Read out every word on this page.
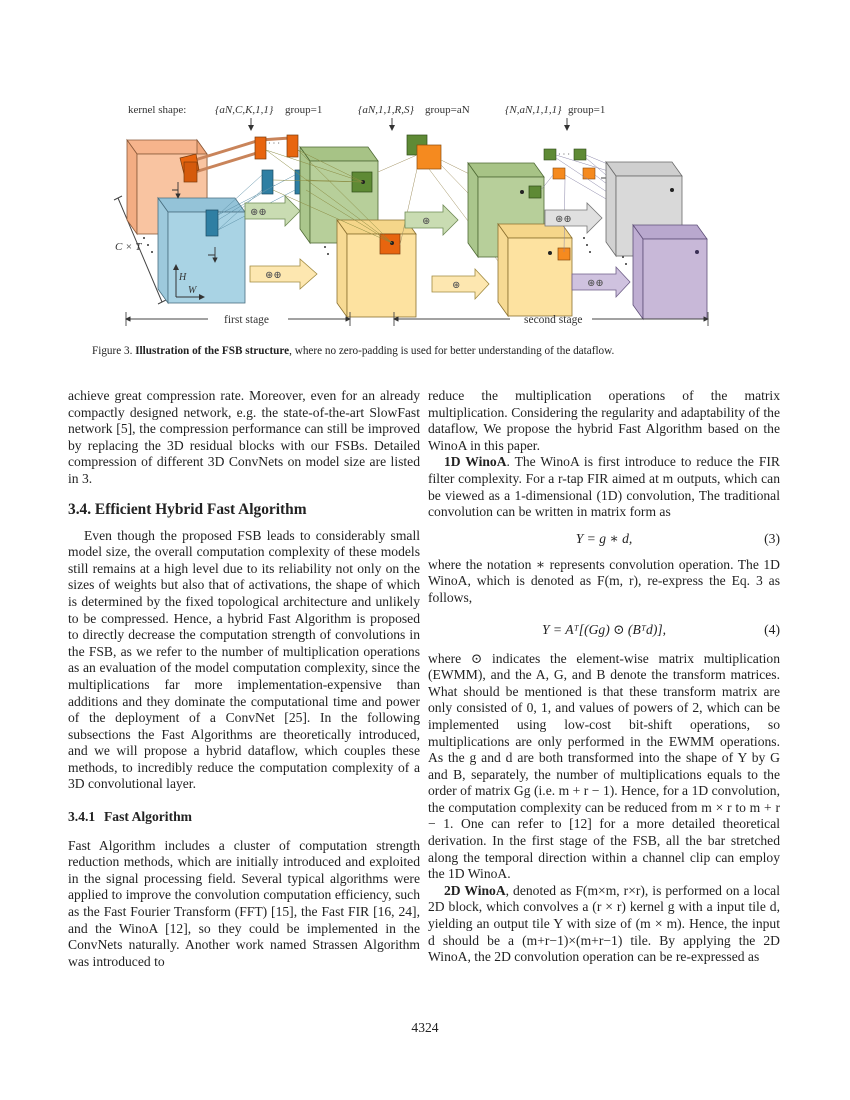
kernel shape:	{aN,C,K,1,1} group=1	{aN,1,1,R,S} group=aN	{N,aN,1,1,1} group=1
C × T
H
W
· · ·
⊛⊕
⊛⊕
⊛
⊛
· · ·
⊛⊕
⊛⊕
first stage	second stage
Figure 3. Illustration of the FSB structure, where no zero-padding is used for better understanding of the dataflow.

achieve great compression rate. Moreover, even for an already compactly designed network, e.g. the state-of-the-art SlowFast network [5], the compression performance can still be improved by replacing the 3D residual blocks with our FSBs. Detailed compression of different 3D ConvNets on model size are listed in 3.

3.4. Efficient Hybrid Fast Algorithm

Even though the proposed FSB leads to considerably small model size, the overall computation complexity of these models still remains at a high level due to its reliability not only on the sizes of weights but also that of activations, the shape of which is determined by the fixed topological architecture and unlikely to be compressed. Hence, a hybrid Fast Algorithm is proposed to directly decrease the computation strength of convolutions in the FSB, as we refer to the number of multiplication operations as an evaluation of the model computation complexity, since the multiplications far more implementation-expensive than additions and they dominate the computational time and power of the deployment of a ConvNet [25]. In the following subsections the Fast Algorithms are theoretically introduced, and we will propose a hybrid dataflow, which couples these methods, to incredibly reduce the computation complexity of a 3D convolutional layer.

3.4.1 Fast Algorithm

Fast Algorithm includes a cluster of computation strength reduction methods, which are initially introduced and exploited in the signal processing field. Several typical algorithms were applied to improve the convolution computation efficiency, such as the Fast Fourier Transform (FFT) [15], the Fast FIR [16, 24], and the WinoA [12], so they could be implemented in the ConvNets naturally. Another work named Strassen Algorithm was introduced to

reduce the multiplication operations of the matrix multiplication. Considering the regularity and adaptability of the dataflow, We propose the hybrid Fast Algorithm based on the WinoA in this paper.

1D WinoA. The WinoA is first introduce to reduce the FIR filter complexity. For a r-tap FIR aimed at m outputs, which can be viewed as a 1-dimensional (1D) convolution, The traditional convolution can be written in matrix form as

Y = g ∗ d,	(3)

where the notation ∗ represents convolution operation. The 1D WinoA, which is denoted as F(m, r), re-express the Eq. 3 as follows,

Y = Aᵀ[(Gg) ⊙ (Bᵀd)],	(4)

where ⊙ indicates the element-wise matrix multiplication (EWMM), and the A, G, and B denote the transform matrices. What should be mentioned is that these transform matrix are only consisted of 0, 1, and values of powers of 2, which can be implemented using low-cost bit-shift operations, so multiplications are only performed in the EWMM operations. As the g and d are both transformed into the shape of Y by G and B, separately, the number of multiplications equals to the order of matrix Gg (i.e. m + r − 1). Hence, for a 1D convolution, the computation complexity can be reduced from m × r to m + r − 1. One can refer to [12] for a more detailed theoretical derivation. In the first stage of the FSB, all the bar stretched along the temporal direction within a channel clip can employ the 1D WinoA.

2D WinoA, denoted as F(m×m, r×r), is performed on a local 2D block, which convolves a (r × r) kernel g with a input tile d, yielding an output tile Y with size of (m × m). Hence, the input d should be a (m+r−1)×(m+r−1) tile. By applying the 2D WinoA, the 2D convolution operation can be re-expressed as

4324
